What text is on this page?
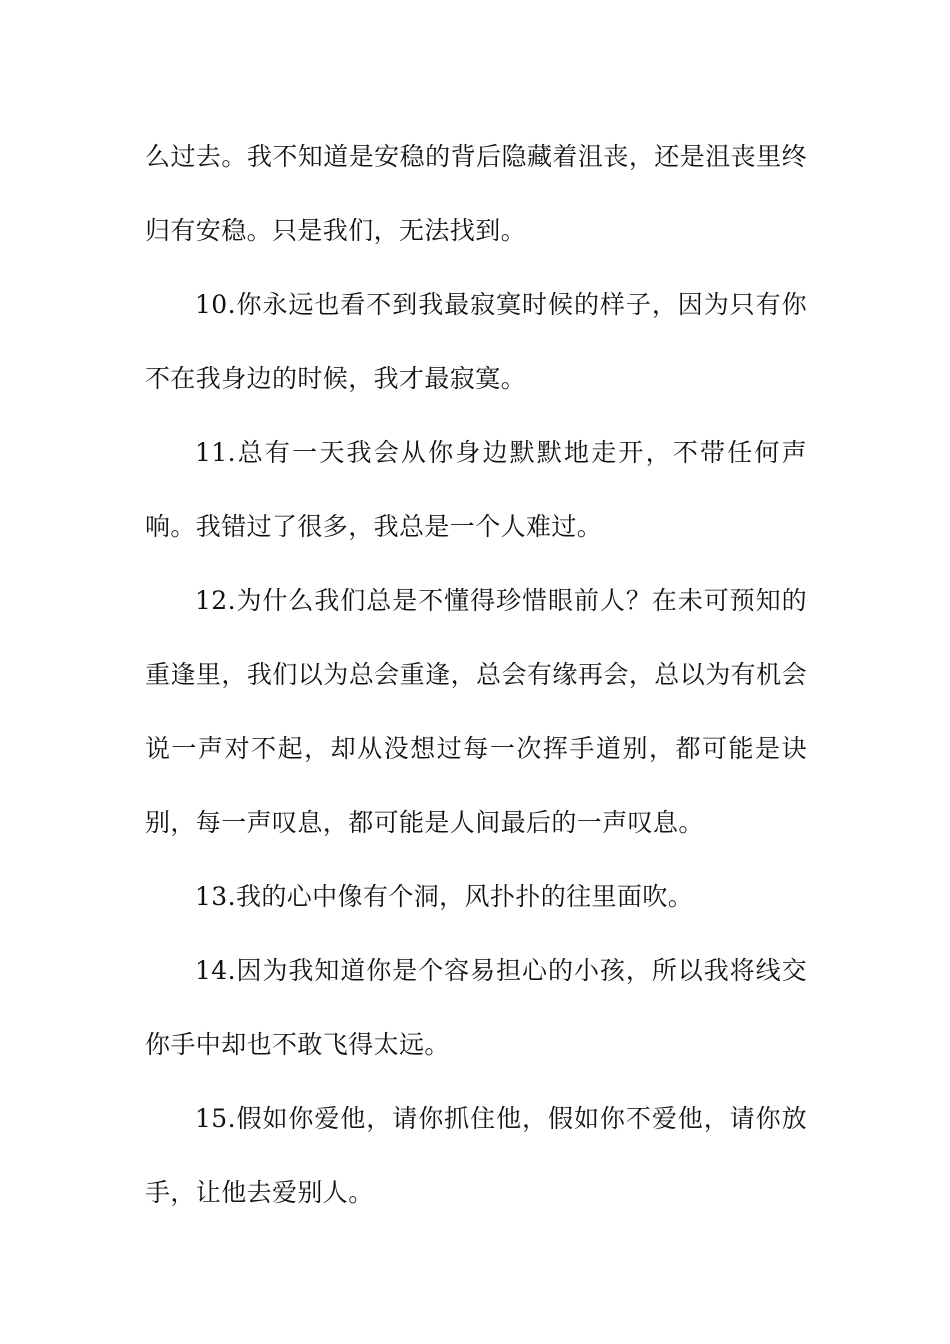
么过去。我不知道是安稳的背后隐藏着沮丧，还是沮丧里终归有安稳。只是我们，无法找到。

10.你永远也看不到我最寂寞时候的样子，因为只有你不在我身边的时候，我才最寂寞。

11.总有一天我会从你身边默默地走开，不带任何声响。我错过了很多，我总是一个人难过。

12.为什么我们总是不懂得珍惜眼前人？在未可预知的重逢里，我们以为总会重逢，总会有缘再会，总以为有机会说一声对不起，却从没想过每一次挥手道别，都可能是诀别，每一声叹息，都可能是人间最后的一声叹息。

13.我的心中像有个洞，风扑扑的往里面吹。

14.因为我知道你是个容易担心的小孩，所以我将线交你手中却也不敢飞得太远。

15.假如你爱他，请你抓住他，假如你不爱他，请你放手，让他去爱别人。
